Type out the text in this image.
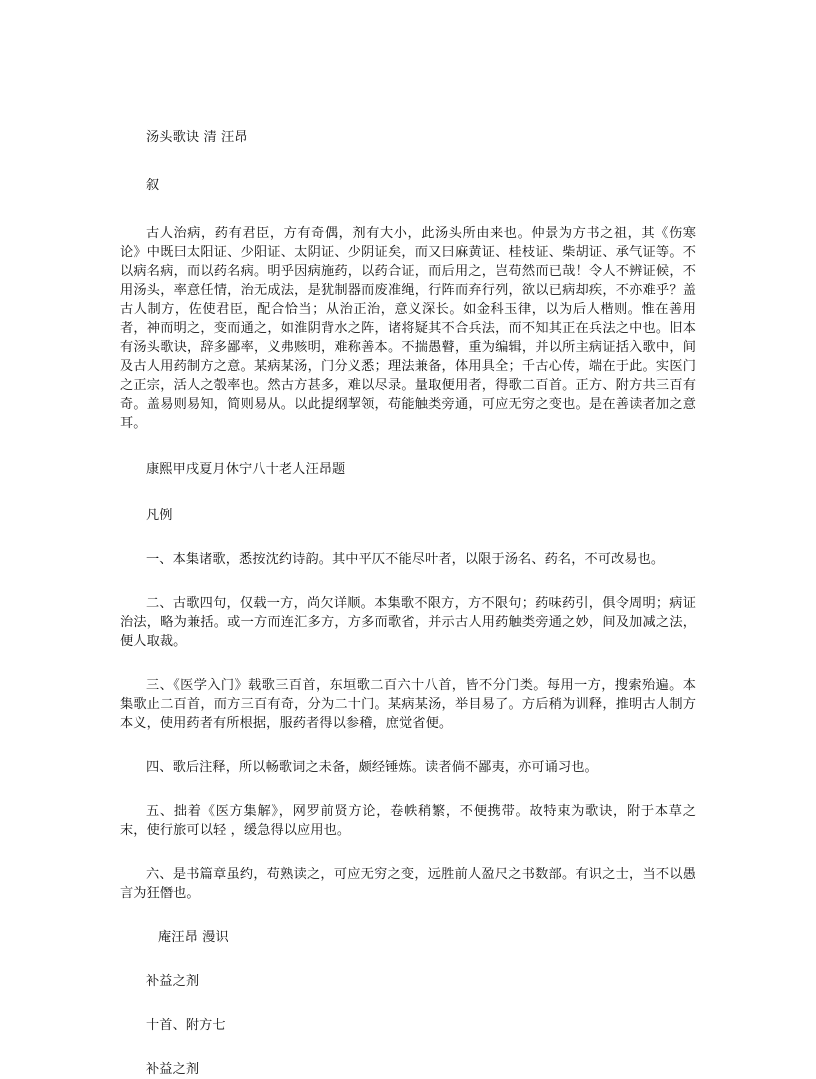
汤头歌诀 清 汪昂

叙

古人治病，药有君臣，方有奇偶，剂有大小，此汤头所由来也。仲景为方书之祖，其《伤寒论》中既曰太阳证、少阳证、太阴证、少阴证矣，而又曰麻黄证、桂枝证、柴胡证、承气证等。不以病名病，而以药名病。明乎因病施药，以药合证，而后用之，岂苟然而已哉！令人不辨证候，不用汤头，率意任情，治无成法，是犹制器而废准绳，行阵而弃行列，欲以已病却疾，不亦难乎？盖古人制方，佐使君臣，配合恰当；从治正治，意义深长。如金科玉律，以为后人楷则。惟在善用者，神而明之，变而通之，如淮阴背水之阵，诸将疑其不合兵法，而不知其正在兵法之中也。旧本有汤头歌诀，辞多鄙率，义弗赅明，难称善本。不揣愚瞽，重为编辑，并以所主病证括入歌中，间及古人用药制方之意。某病某汤，门分义悉；理法兼备，体用具全；千古心传，端在于此。实医门之正宗，活人之彀率也。然古方甚多，难以尽录。量取便用者，得歌二百首。正方、附方共三百有奇。盖易则易知，简则易从。以此提纲挈领，苟能触类旁通，可应无穷之变也。是在善读者加之意耳。

康熙甲戌夏月休宁八十老人汪昂题

凡例

一、本集诸歌，悉按沈约诗韵。其中平仄不能尽叶者，以限于汤名、药名，不可改易也。

二、古歌四句，仅载一方，尚欠详顺。本集歌不限方，方不限句；药味药引，俱令周明；病证治法，略为兼括。或一方而连汇多方，方多而歌省，并示古人用药触类旁通之妙，间及加减之法，便人取裁。

三、《医学入门》载歌三百首，东垣歌二百六十八首，皆不分门类。每用一方，搜索殆遍。本集歌止二百首，而方三百有奇，分为二十门。某病某汤，举目易了。方后稍为训释，推明古人制方本义，使用药者有所根据，服药者得以参稽，庶觉省便。

四、歌后注释，所以畅歌词之未备，颇经锤炼。读者倘不鄙夷，亦可诵习也。

五、拙着《医方集解》，网罗前贤方论，卷帙稍繁，不便携带。故特束为歌诀，附于本草之末，使行旅可以轻 ，缓急得以应用也。

六、是书篇章虽约，苟熟读之，可应无穷之变，远胜前人盈尺之书数部。有识之士，当不以愚言为狂僭也。

庵汪昂 漫识

补益之剂

十首、附方七

补益之剂
